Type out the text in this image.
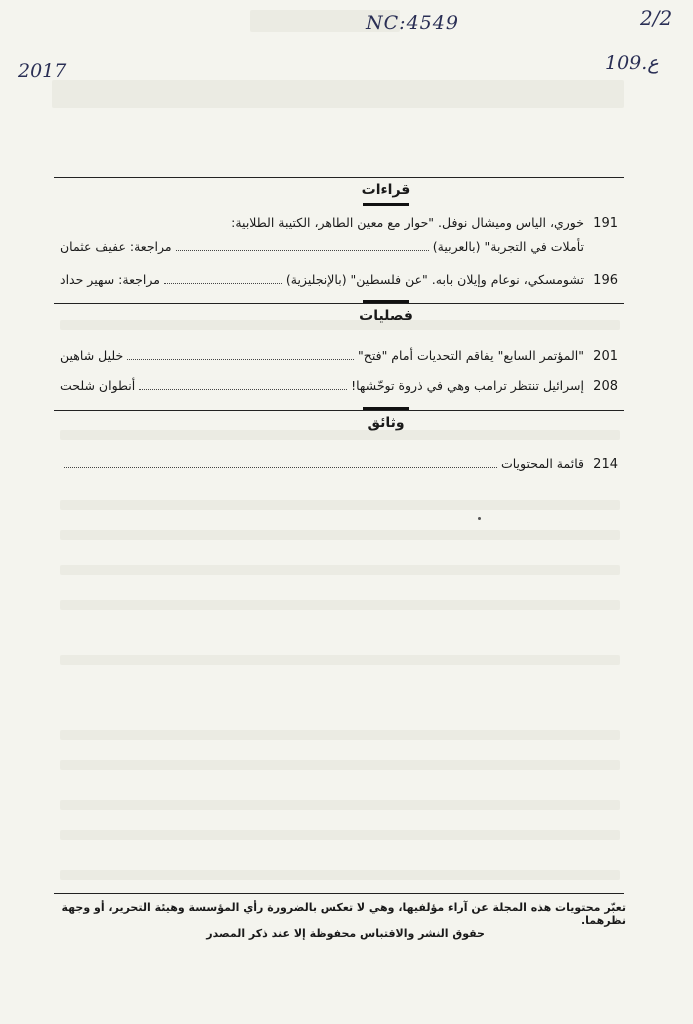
NC:4549	2/2
2017	109.ع
قراءات
191
خوري، الياس وميشال نوفل. "حوار مع معين الطاهر، الكتيبة الطلابية:
تأملات في التجربة" (بالعربية)
مراجعة: عفيف عثمان
196
تشومسكي، نوعام وإيلان بابه. "عن فلسطين" (بالإنجليزية)
مراجعة: سهير حداد
فصليات
201
"المؤتمر السابع" يفاقم التحديات أمام "فتح"
خليل شاهين
208
إسرائيل تنتظر ترامب وهي في ذروة توحّشها!
أنطوان شلحت
وثائق
214
قائمة المحتويات
تعبّر محتويات هذه المجلة عن آراء مؤلفيها، وهي لا تعكس بالضرورة رأي المؤسسة وهيئة التحرير، أو وجهة نظرهما.
حقوق النشر والاقتباس محفوظة إلا عند ذكر المصدر
